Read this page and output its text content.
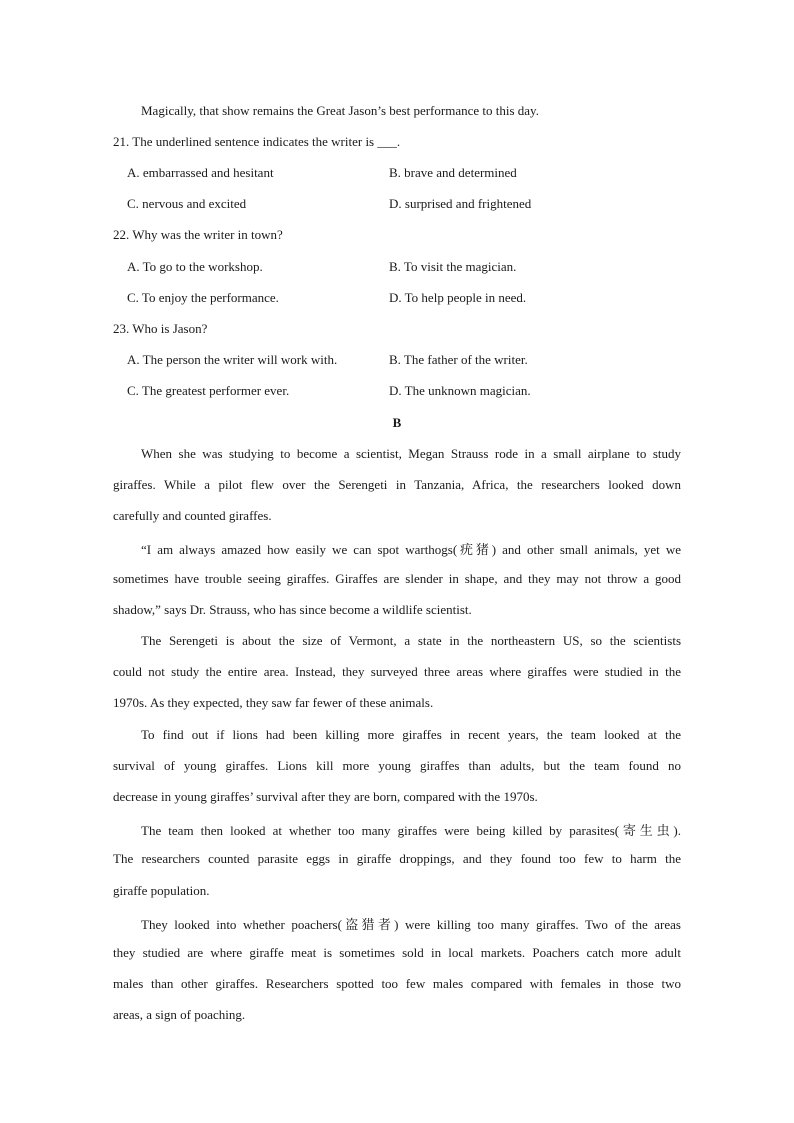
Magically, that show remains the Great Jason’s best performance to this day.
21. The underlined sentence indicates the writer is ___.
A. embarrassed and hesitant	B. brave and determined
C. nervous and excited	D. surprised and frightened
22. Why was the writer in town?
A. To go to the workshop.	B. To visit the magician.
C. To enjoy the performance.	D. To help people in need.
23. Who is Jason?
A. The person the writer will work with.	B. The father of the writer.
C. The greatest performer ever.	D. The unknown magician.
B
When she was studying to become a scientist, Megan Strauss rode in a small airplane to study
giraffes. While a pilot flew over the Serengeti in Tanzania, Africa, the researchers looked down
carefully and counted giraffes.
“I am always amazed how easily we can spot warthogs(疣猪) and other small animals, yet we
sometimes have trouble seeing giraffes. Giraffes are slender in shape, and they may not throw a good
shadow,” says Dr. Strauss, who has since become a wildlife scientist.
The Serengeti is about the size of Vermont, a state in the northeastern US, so the scientists
could not study the entire area. Instead, they surveyed three areas where giraffes were studied in the
1970s. As they expected, they saw far fewer of these animals.
To find out if lions had been killing more giraffes in recent years, the team looked at the
survival of young giraffes. Lions kill more young giraffes than adults, but the team found no
decrease in young giraffes’ survival after they are born, compared with the 1970s.
The team then looked at whether too many giraffes were being killed by parasites(寄生虫).
The researchers counted parasite eggs in giraffe droppings, and they found too few to harm the
giraffe population.
They looked into whether poachers(盗猎者) were killing too many giraffes. Two of the areas
they studied are where giraffe meat is sometimes sold in local markets. Poachers catch more adult
males than other giraffes. Researchers spotted too few males compared with females in those two
areas, a sign of poaching.
